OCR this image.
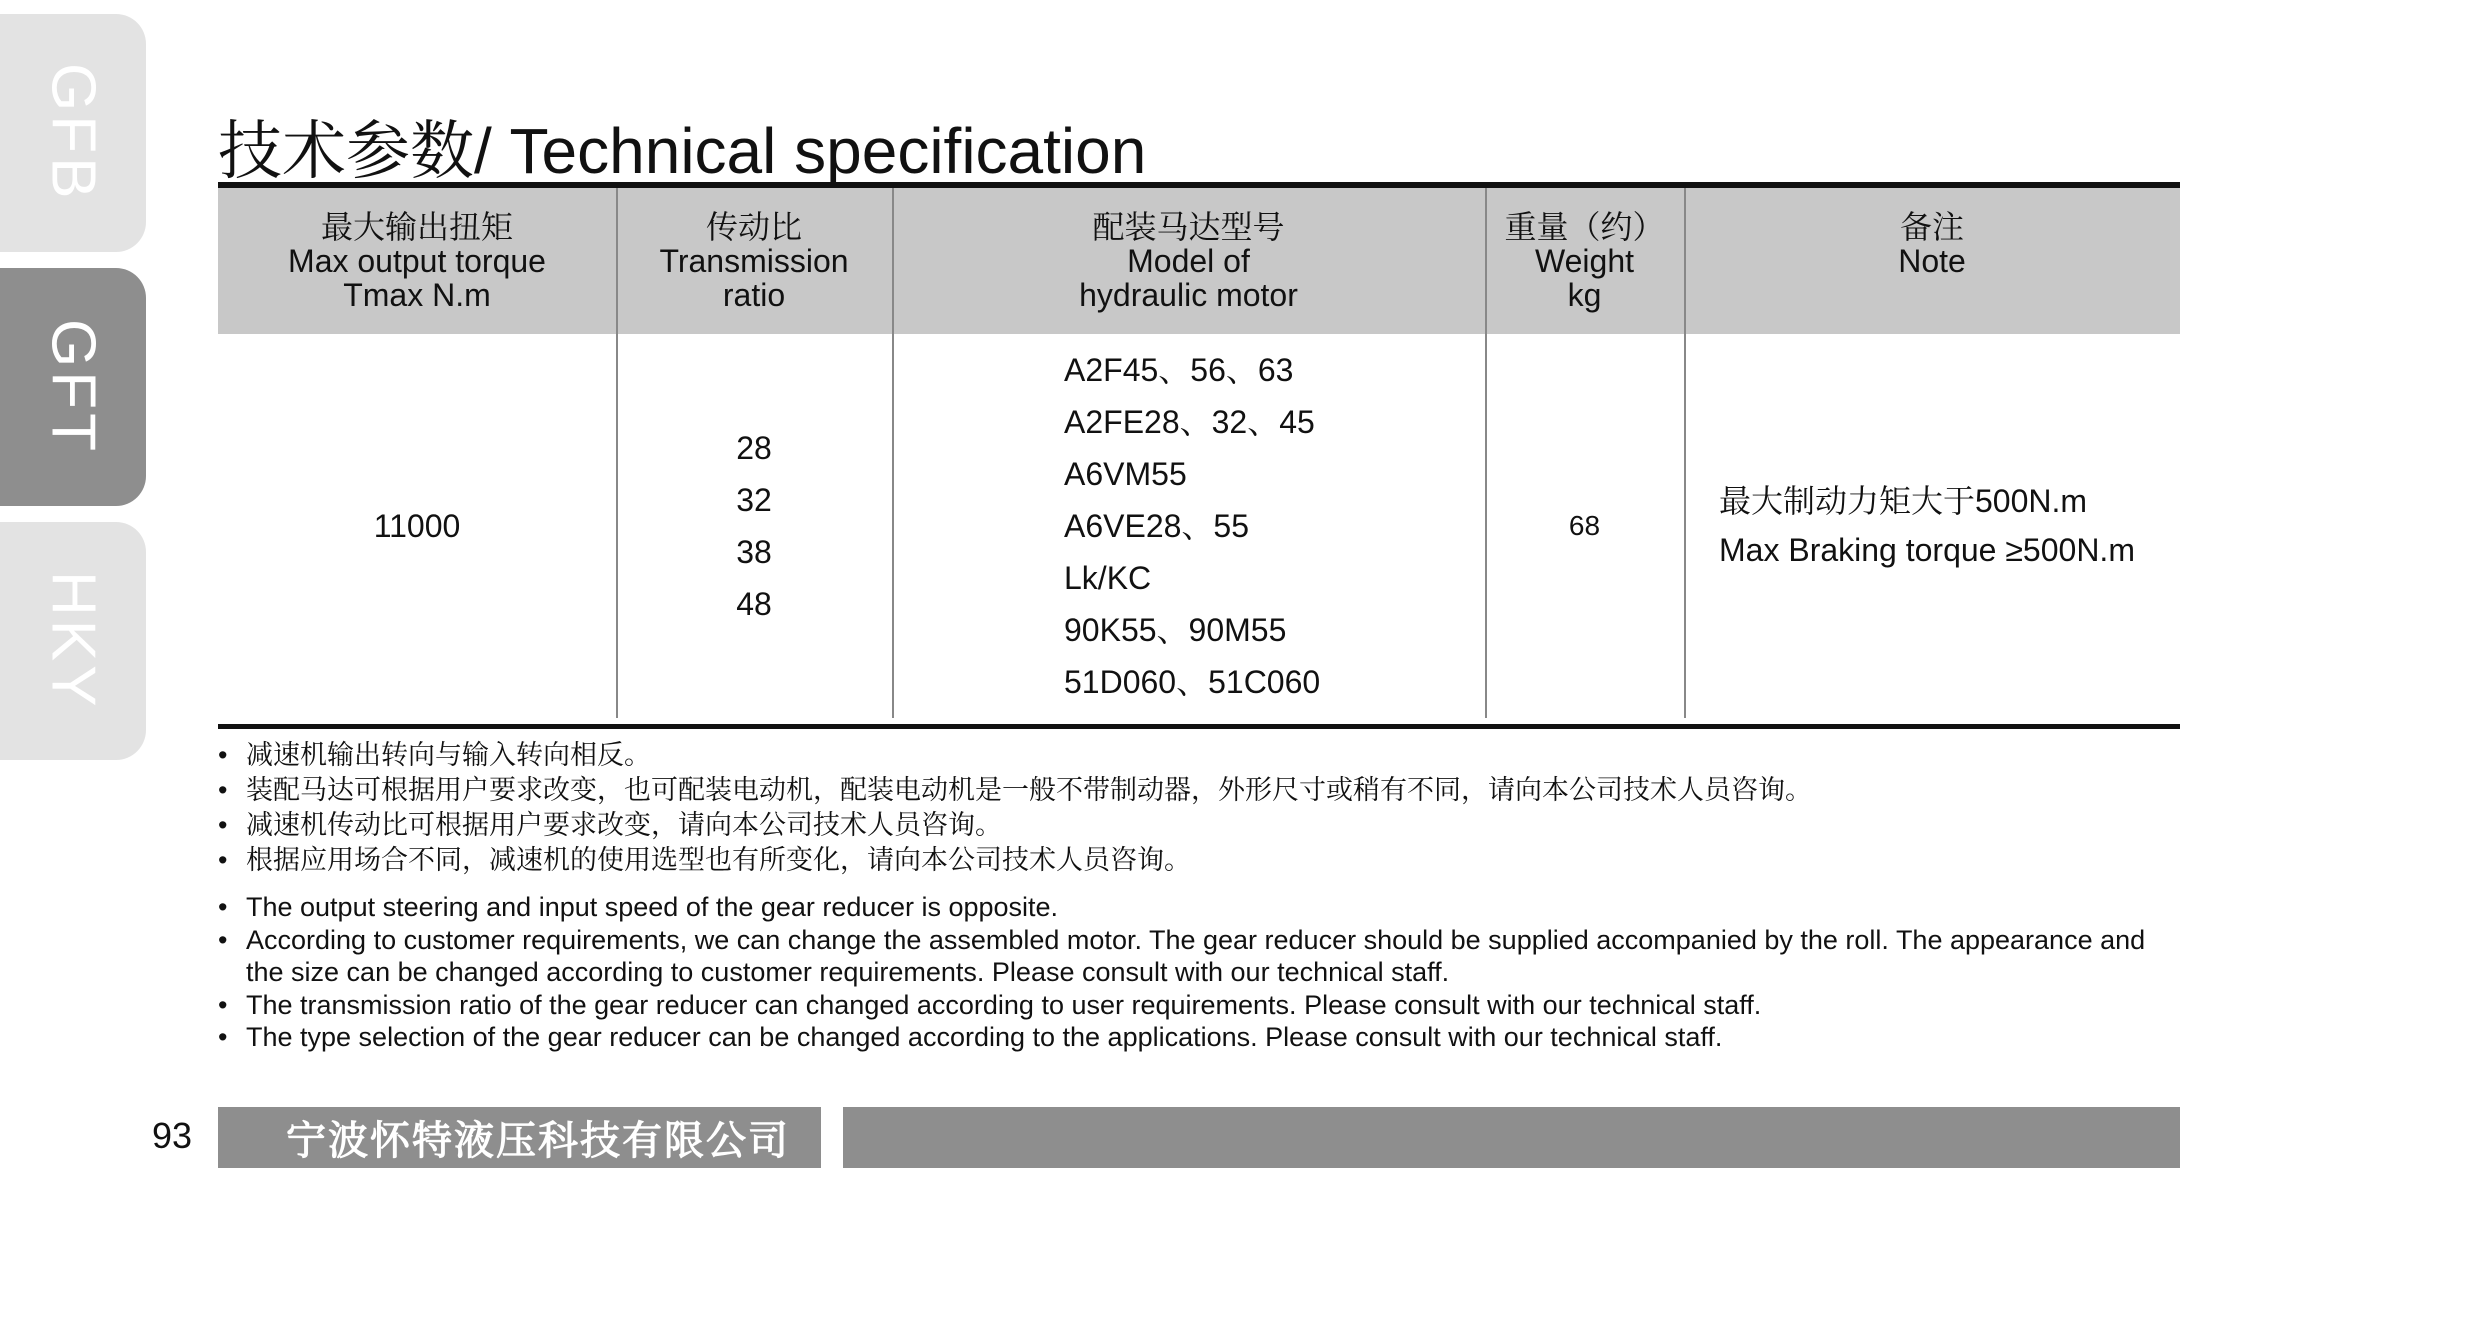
GFB
GFT
HKY
技术参数/ Technical specification
最大输出扭矩
Max output torque
Tmax N.m
传动比
Transmission
ratio
配装马达型号
Model of
hydraulic motor
重量（约）
Weight
kg
备注
Note
11000
28
32
38
48
A2F45、56、63
A2FE28、32、45
A6VM55
A6VE28、55
Lk/KC
90K55、90M55
51D060、51C060
68
最大制动力矩大于500N.m
Max Braking torque ≥500N.m
• 减速机输出转向与输入转向相反。
• 装配马达可根据用户要求改变，也可配装电动机，配装电动机是一般不带制动器，外形尺寸或稍有不同，请向本公司技术人员咨询。
• 减速机传动比可根据用户要求改变，请向本公司技术人员咨询。
• 根据应用场合不同，减速机的使用选型也有所变化，请向本公司技术人员咨询。
• The output steering and input speed of the gear reducer is opposite.
• According to customer requirements, we can change the assembled motor. The gear reducer should be supplied accompanied by the roll. The appearance and the size can be changed according to customer requirements. Please consult with our technical staff.
• The transmission ratio of the gear reducer can changed according to user requirements. Please consult with our technical staff.
• The type selection of the gear reducer can be changed according to the applications. Please consult with our technical staff.
93 宁波怀特液压科技有限公司
